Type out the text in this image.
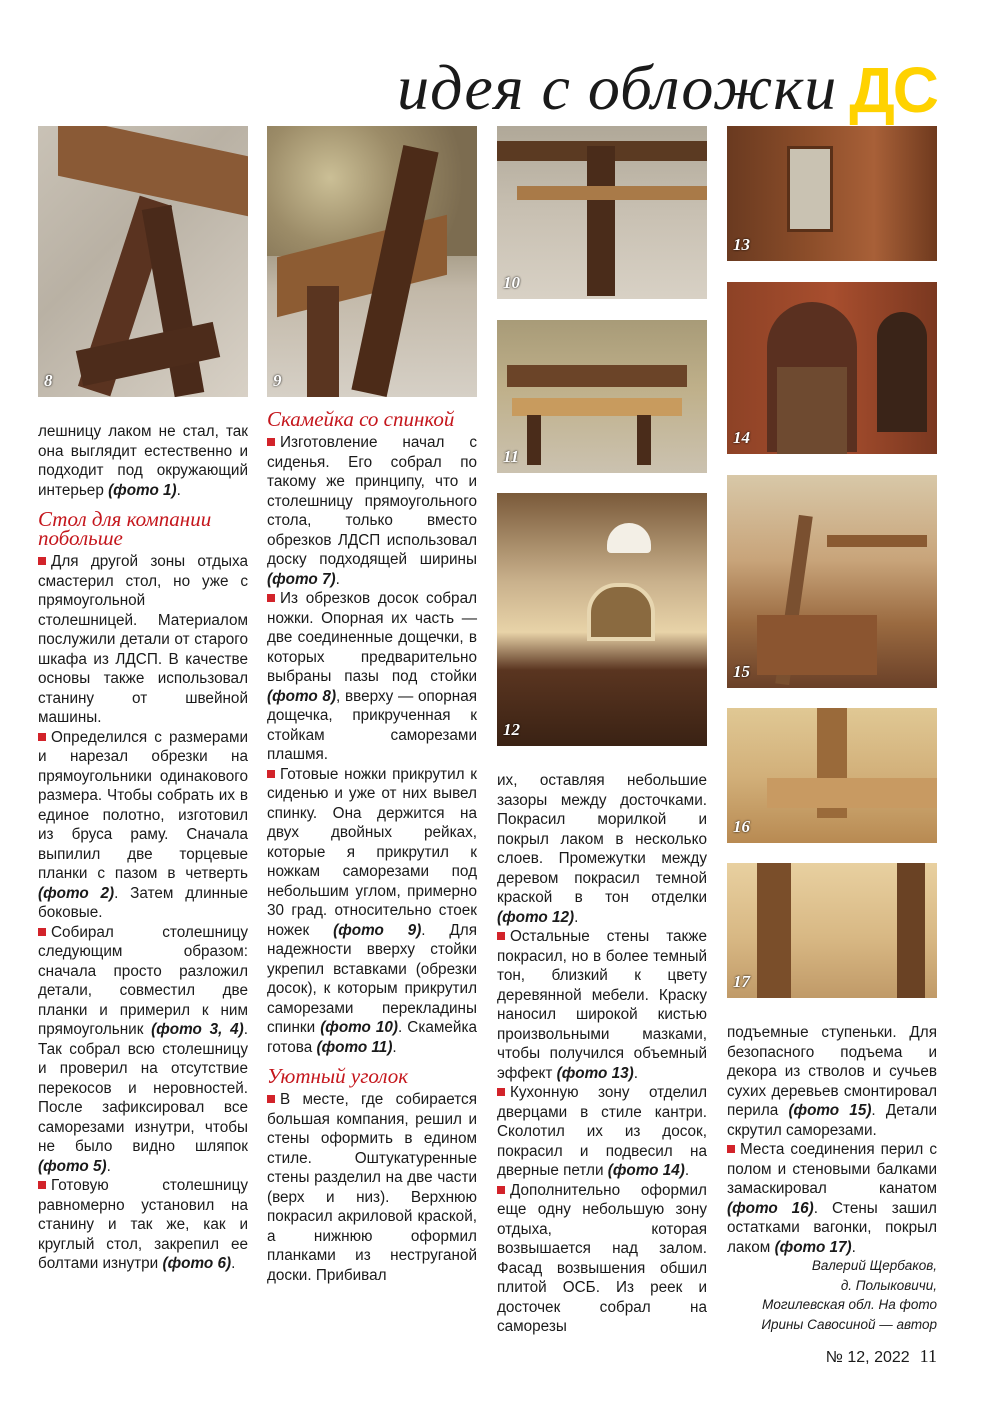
идея с обложки ДС
8	9
10
11
12
13
14
15
16
17

лешницу лаком не стал, так она выглядит естественно и подходит под окружающий интерьер (фото 1).

Стол для компании побольше

Для другой зоны отдыха смастерил стол, но уже с прямоугольной столешницей. Материалом послужили детали от старого шкафа из ЛДСП. В качестве основы также использовал станину от швейной машины.

Определился с размерами и нарезал обрезки на прямоугольники одинакового размера. Чтобы собрать их в единое полотно, изготовил из бруса раму. Сначала выпилил две торцевые планки с пазом в четверть (фото 2). Затем длинные боковые.

Собирал столешницу следующим образом: сначала просто разложил детали, совместил две планки и примерил к ним прямоугольник (фото 3, 4). Так собрал всю столешницу и проверил на отсутствие перекосов и неровностей. После зафиксировал все саморезами изнутри, чтобы не было видно шляпок (фото 5).

Готовую столешницу равномерно установил на станину и так же, как и круглый стол, закрепил ее болтами изнутри (фото 6).

Скамейка со спинкой

Изготовление начал с сиденья. Его собрал по такому же принципу, что и столешницу прямоугольного стола, только вместо обрезков ЛДСП использовал доску подходящей ширины (фото 7).

Из обрезков досок собрал ножки. Опорная их часть — две соединенные дощечки, в которых предварительно выбраны пазы под стойки (фото 8), вверху — опорная дощечка, прикрученная к стойкам саморезами плашмя.

Готовые ножки прикрутил к сиденью и уже от них вывел спинку. Она держится на двух двойных рейках, которые я прикрутил к ножкам саморезами под небольшим углом, примерно 30 град. относительно стоек ножек (фото 9). Для надежности вверху стойки укрепил вставками (обрезки досок), к которым прикрутил саморезами перекладины спинки (фото 10). Скамейка готова (фото 11).

Уютный уголок

В месте, где собирается большая компания, решил и стены оформить в едином стиле. Оштукатуренные стены разделил на две части (верх и низ). Верхнюю покрасил акриловой краской, а нижнюю оформил планками из неструганой доски. Прибивал

их, оставляя небольшие зазоры между досточками. Покрасил морилкой и покрыл лаком в несколько слоев. Промежутки между деревом покрасил темной краской в тон отделки (фото 12).

Остальные стены также покрасил, но в более темный тон, близкий к цвету деревянной мебели. Краску наносил широкой кистью произвольными мазками, чтобы получился объемный эффект (фото 13).

Кухонную зону отделил дверцами в стиле кантри. Сколотил их из досок, покрасил и подвесил на дверные петли (фото 14).

Дополнительно оформил еще одну небольшую зону отдыха, которая возвышается над залом. Фасад возвышения обшил плитой ОСБ. Из реек и досточек собрал на саморезы

подъемные ступеньки. Для безопасного подъема и декора из стволов и сучьев сухих деревьев смонтировал перила (фото 15). Детали скрутил саморезами.

Места соединения перил с полом и стеновыми балками замаскировал канатом (фото 16). Стены зашил остатками вагонки, покрыл лаком (фото 17).

Валерий Щербаков,
д. Полыковичи,
Могилевская обл. На фото
Ирины Савосиной — автор
№ 12, 2022 11
